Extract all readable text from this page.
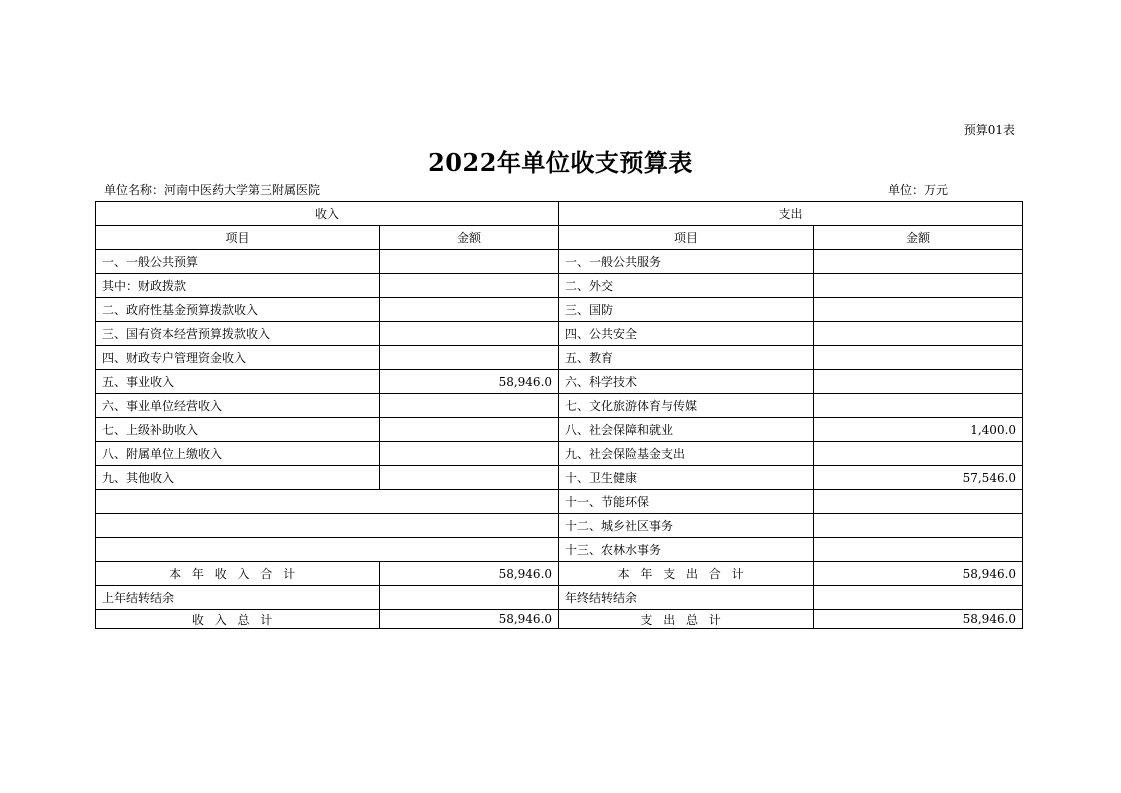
预算01表
2022年单位收支预算表
单位名称：河南中医药大学第三附属医院	单位：万元
收入		支出	
项目	金额	项目	金额
一、一般公共预算		一、一般公共服务	
其中：财政拨款		二、外交	
二、政府性基金预算拨款收入		三、国防	
三、国有资本经营预算拨款收入		四、公共安全	
四、财政专户管理资金收入		五、教育	
五、事业收入	58,946.0	六、科学技术	
六、事业单位经营收入		七、文化旅游体育与传媒	
七、上级补助收入		八、社会保障和就业	1,400.0
八、附属单位上缴收入		九、社会保险基金支出	
九、其他收入		十、卫生健康	57,546.0
		十一、节能环保	
		十二、城乡社区事务	
		十三、农林水事务	
本年收入合计	58,946.0	本年支出合计	58,946.0
上年结转结余		年终结转结余	
收入总计	58,946.0	支出总计	58,946.0
